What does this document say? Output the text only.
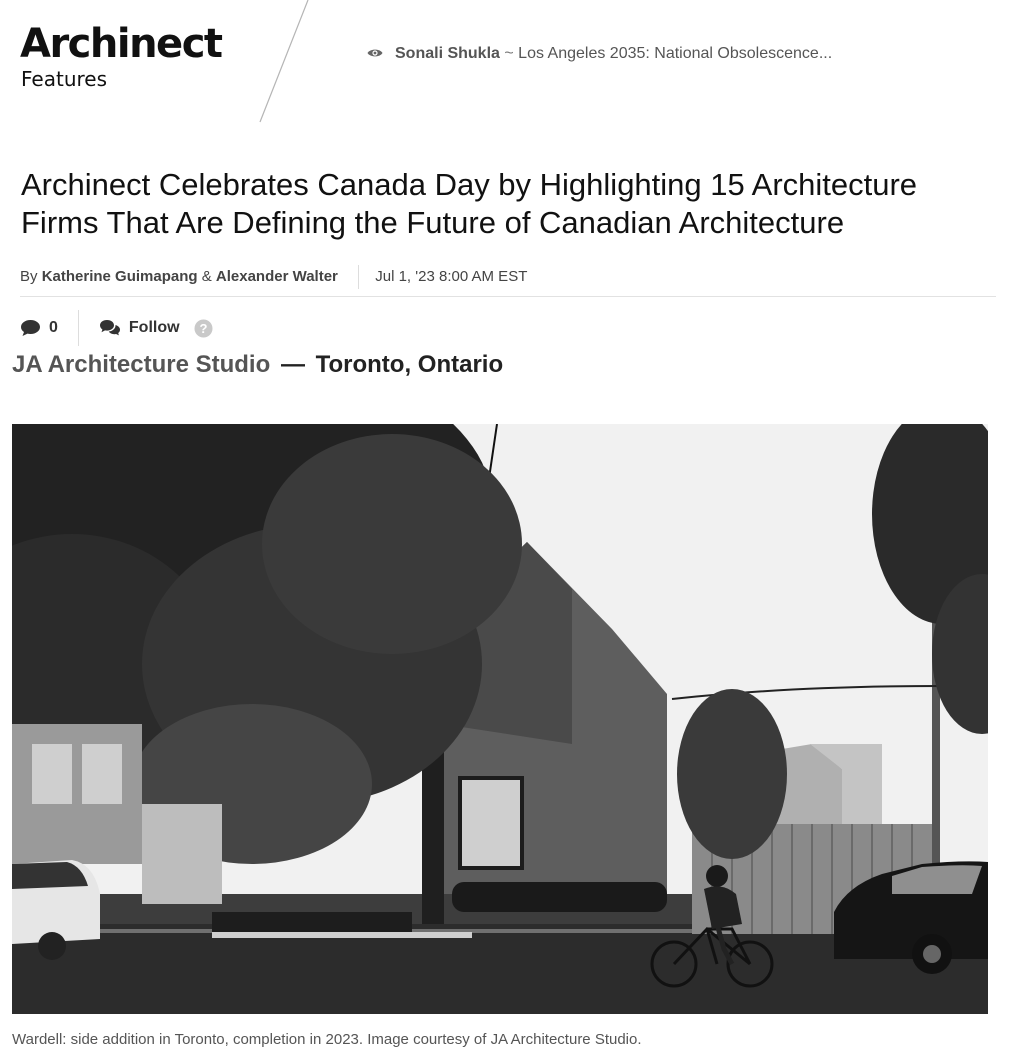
Archinect
Features
Sonali Shukla ~ Los Angeles 2035: National Obsolescence...
Archinect Celebrates Canada Day by Highlighting 15 Architecture Firms That Are Defining the Future of Canadian Architecture
By Katherine Guimapang & Alexander Walter Jul 1, '23 8:00 AM EST
0	Follow ?
JA Architecture Studio — Toronto, Ontario
Wardell: side addition in Toronto, completion in 2023. Image courtesy of JA Architecture Studio.
